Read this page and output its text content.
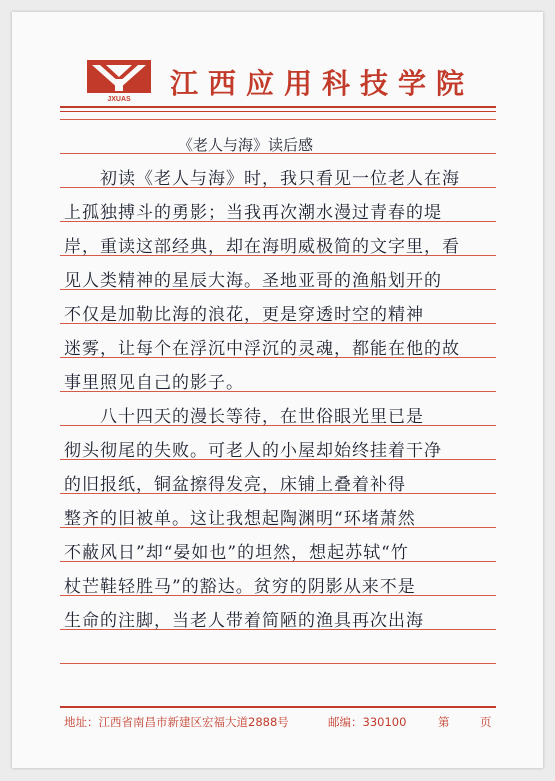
JXUAS 江西应用科技学院
《老人与海》读后感
　　初读《老人与海》时，我只看见一位老人在海
上孤独搏斗的勇影；当我再次潮水漫过青春的堤
岸，重读这部经典，却在海明威极简的文字里，看
见人类精神的星辰大海。圣地亚哥的渔船划开的
不仅是加勒比海的浪花，更是穿透时空的精神
迷雾，让每个在浮沉中浮沉的灵魂，都能在他的故
事里照见自己的影子。
　　八十四天的漫长等待，在世俗眼光里已是
彻头彻尾的失败。可老人的小屋却始终挂着干净
的旧报纸，铜盆擦得发亮，床铺上叠着补得
整齐的旧被单。这让我想起陶渊明“环堵萧然
不蔽风日”却“晏如也”的坦然，想起苏轼“竹
杖芒鞋轻胜马”的豁达。贫穷的阴影从来不是
生命的注脚，当老人带着简陋的渔具再次出海
地址：江西省南昌市新建区宏福大道2888号	邮编：330100	第	页
